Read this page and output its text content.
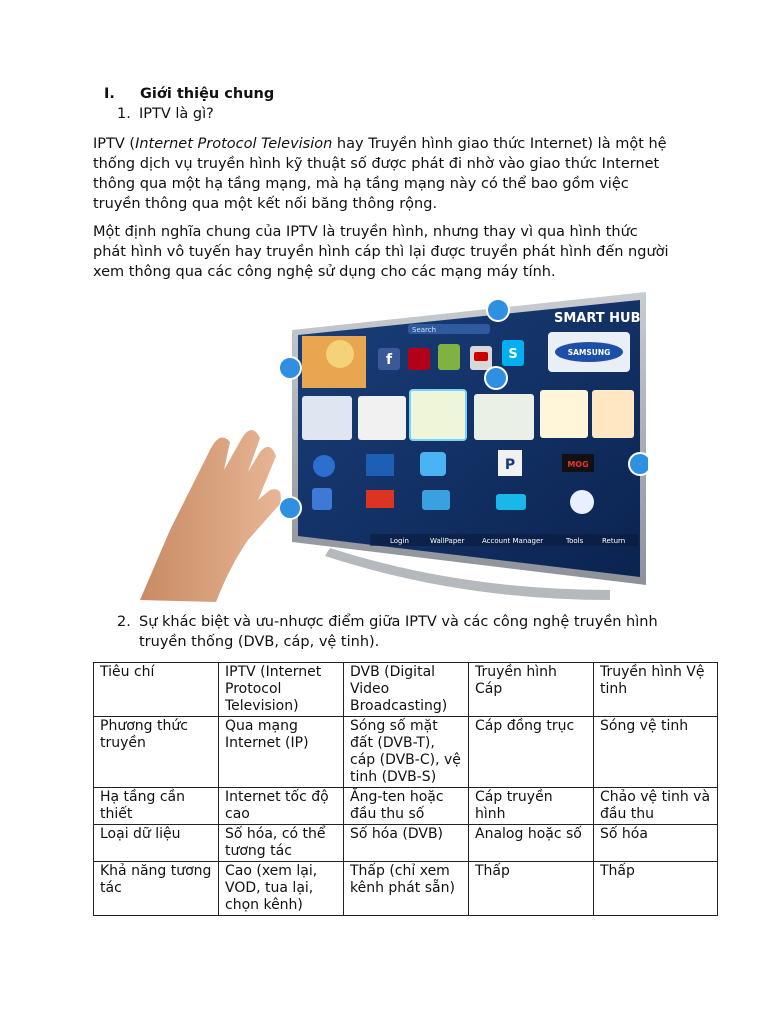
I. Giới thiệu chung
1. IPTV là gì?
IPTV (Internet Protocol Television hay Truyền hình giao thức Internet) là một hệ thống dịch vụ truyền hình kỹ thuật số được phát đi nhờ vào giao thức Internet thông qua một hạ tầng mạng, mà hạ tầng mạng này có thể bao gồm việc truyền thông qua một kết nối băng thông rộng.
Một định nghĩa chung của IPTV là truyền hình, nhưng thay vì qua hình thức phát hình vô tuyến hay truyền hình cáp thì lại được truyền phát hình đến người xem thông qua các công nghệ sử dụng cho các mạng máy tính.
SMART HUB
Search
f	S	SAMSUNG
P	MOG
Login	WallPaper	Account Manager	Tools	Return
2. Sự khác biệt và ưu-nhược điểm giữa IPTV và các công nghệ truyền hình truyền thống (DVB, cáp, vệ tinh).
Tiêu chí	IPTV (Internet Protocol Television)	DVB (Digital Video Broadcasting)	Truyền hình Cáp	Truyền hình Vệ tinh
Phương thức truyền	Qua mạng Internet (IP)	Sóng số mặt đất (DVB-T), cáp (DVB-C), vệ tinh (DVB-S)	Cáp đồng trục	Sóng vệ tinh
Hạ tầng cần thiết	Internet tốc độ cao	Ăng-ten hoặc đầu thu số	Cáp truyền hình	Chảo vệ tinh và đầu thu
Loại dữ liệu	Số hóa, có thể tương tác	Số hóa (DVB)	Analog hoặc số	Số hóa
Khả năng tương tác	Cao (xem lại, VOD, tua lại, chọn kênh)	Thấp (chỉ xem kênh phát sẵn)	Thấp	Thấp
